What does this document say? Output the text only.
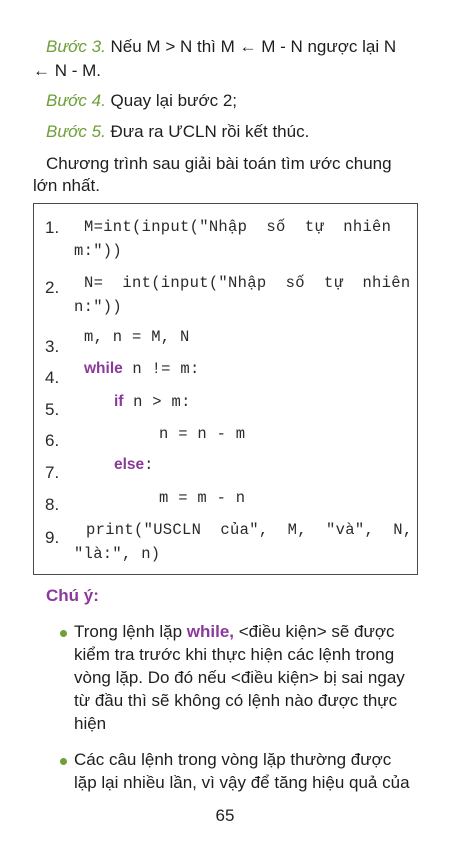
Bước 3. Nếu M > N thì M ← M - N ngược lại N
← N - M.
Bước 4. Quay lại bước 2;
Bước 5. Đưa ra ƯCLN rồi kết thúc.
Chương trình sau giải bài toán tìm ước chung
lớn nhất.
1. M=int(input("Nhập  số  tự  nhiên
m:"))
2. N=  int(input("Nhập  số  tự  nhiên
n:"))
3. m, n = M, N
4. while n != m:
5.	if n > m:
6.	n = n - m
7.	else:
8.	m = m - n
9. print("USCLN  của",  M,  "và",  N,
"là:", n)
Chú ý:
Trong lệnh lặp while, <điều kiện> sẽ được
kiểm tra trước khi thực hiện các lệnh trong
vòng lặp. Do đó nếu <điều kiện> bị sai ngay
từ đầu thì sẽ không có lệnh nào được thực
hiện
Các câu lệnh trong vòng lặp thường được
lặp lại nhiều lần, vì vậy để tăng hiệu quả của
65
